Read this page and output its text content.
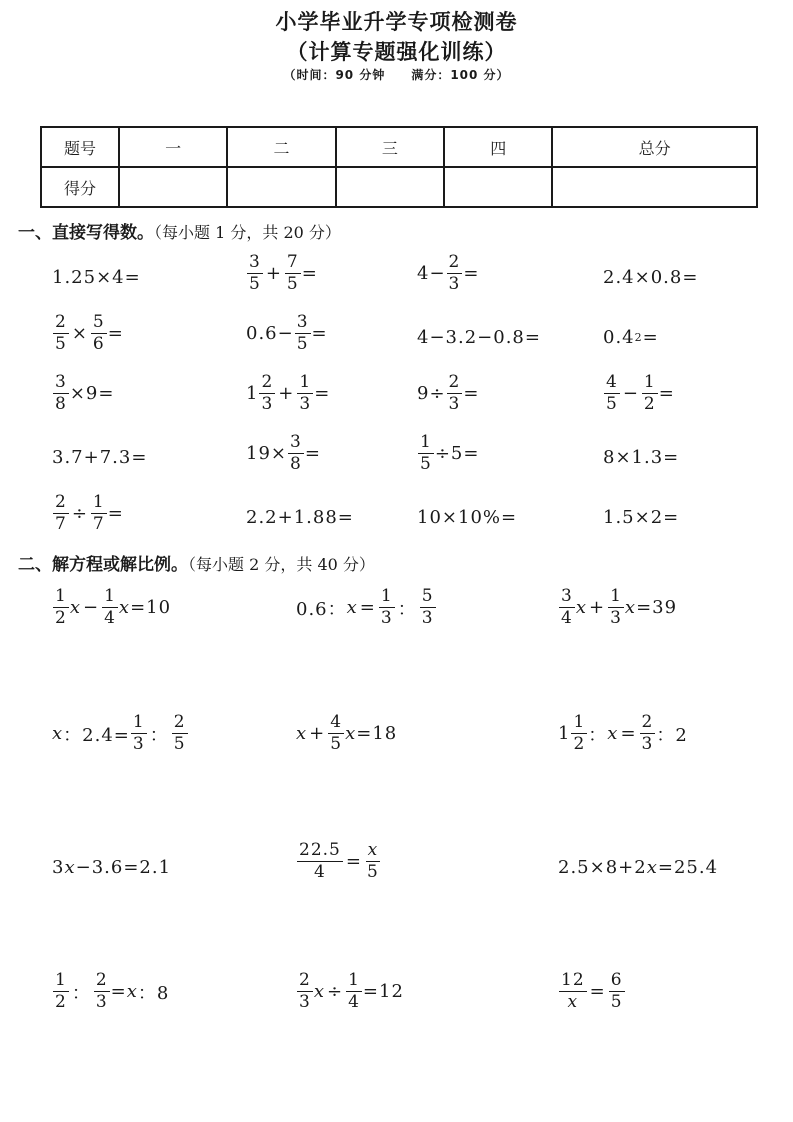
小学毕业升学专项检测卷
（计算专题强化训练）
（时间：90 分钟　　满分：100 分）
题号	一	二	三	四	总分
得分					
一、直接写得数。（每小题 1 分，共 20 分）
1.25×4=	$\frac{3}{5} + \frac{7}{5}$ =	$4- \frac{2}{3}$ =	2.4×0.8=
$\frac{2}{5} \times \frac{5}{6}$ =	$0.6- \frac{3}{5}$ =	4−3.2−0.8=	0.4 2 =
$\frac{3}{8} \times 9=$	$1 \frac{2}{3} + \frac{1}{3}$ =	$9\div \frac{2}{3}$ =	$\frac{4}{5} - \frac{1}{2}$ =
3.7+7.3=	$19\times \frac{3}{8}$ =	$\frac{1}{5} \div 5=$	8×1.3=
$\frac{2}{7} \div \frac{1}{7}$ =	2.2+1.88=	10×10%=	1.5×2=
二、解方程或解比例。（每小题 2 分，共 40 分）
$\frac{1}{2}$ $x - \frac{1}{4}$ x =10	0.6： $x = \frac{1}{3}$ ： $\frac{5}{3}$	$\frac{3}{4}$ $x + \frac{1}{3}$ x =39
x ：$2.4= \frac{1}{3}$ ： $\frac{2}{5}$	$x + \frac{4}{5}$ x =18	$1 \frac{1}{2}$ ： $x = \frac{2}{3}$ ：2
3 x −3.6=2.1	$\frac{22.5}{4} = \frac{x}{5}$	2.5×8+2 x =25.4
$\frac{1}{2}$ ： $\frac{2}{3} = x$ ：8	$\frac{2}{3}$ $x \div \frac{1}{4} =12$	$\frac{12}{x} = \frac{6}{5}$
